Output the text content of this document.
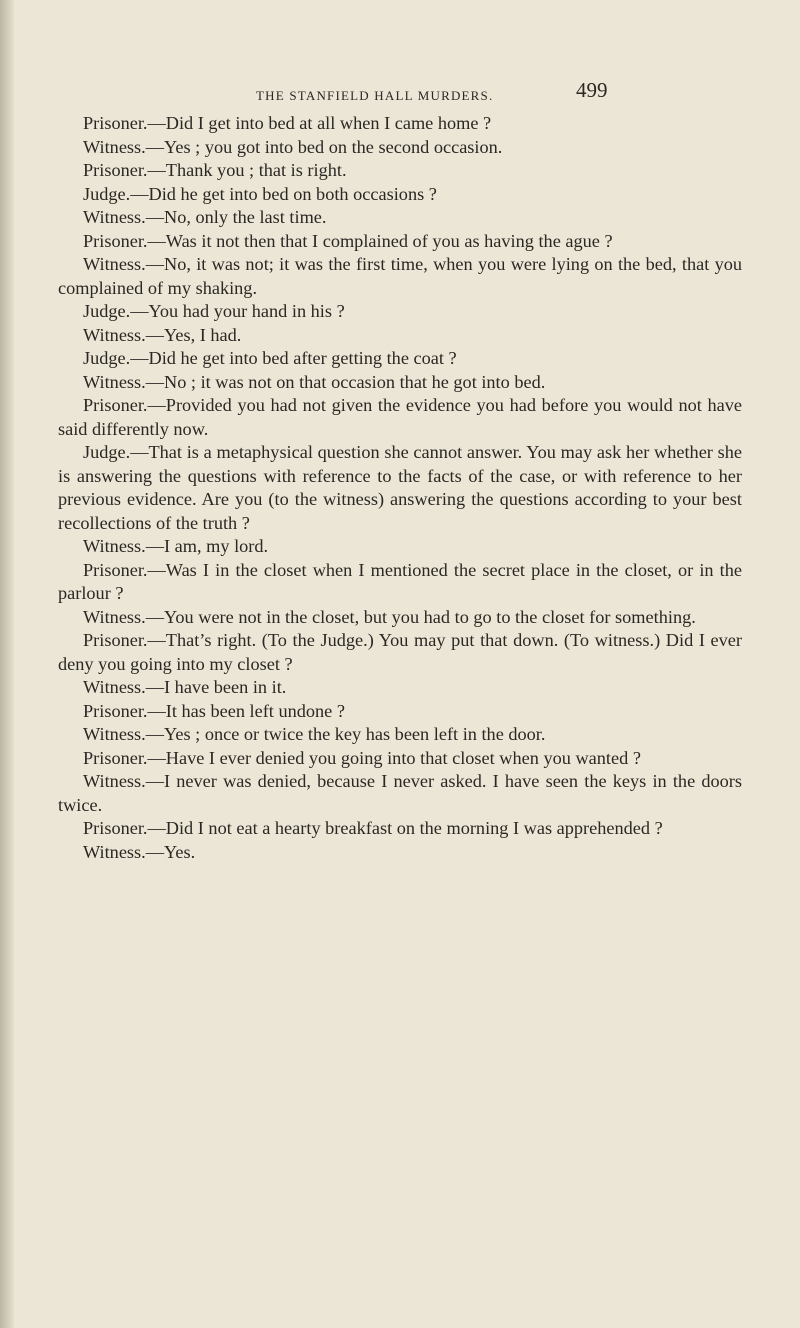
THE STANFIELD HALL MURDERS.	499

Prisoner.—Did I get into bed at all when I came home ?

Witness.—Yes ; you got into bed on the second occasion.

Prisoner.—Thank you ; that is right.

Judge.—Did he get into bed on both occasions ?

Witness.—No, only the last time.

Prisoner.—Was it not then that I complained of you as having the ague ?

Witness.—No, it was not; it was the first time, when you were lying on the bed, that you complained of my shaking.

Judge.—You had your hand in his ?

Witness.—Yes, I had.

Judge.—Did he get into bed after getting the coat ?

Witness.—No ; it was not on that occasion that he got into bed.

Prisoner.—Provided you had not given the evidence you had before you would not have said differently now.

Judge.—That is a metaphysical question she cannot answer. You may ask her whether she is answering the questions with reference to the facts of the case, or with reference to her previous evidence. Are you (to the witness) answering the questions according to your best recollections of the truth ?

Witness.—I am, my lord.

Prisoner.—Was I in the closet when I mentioned the secret place in the closet, or in the parlour ?

Witness.—You were not in the closet, but you had to go to the closet for something.

Prisoner.—That’s right. (To the Judge.) You may put that down. (To witness.) Did I ever deny you going into my closet ?

Witness.—I have been in it.

Prisoner.—It has been left undone ?

Witness.—Yes ; once or twice the key has been left in the door.

Prisoner.—Have I ever denied you going into that closet when you wanted ?

Witness.—I never was denied, because I never asked. I have seen the keys in the doors twice.

Prisoner.—Did I not eat a hearty breakfast on the morning I was apprehended ?

Witness.—Yes.
